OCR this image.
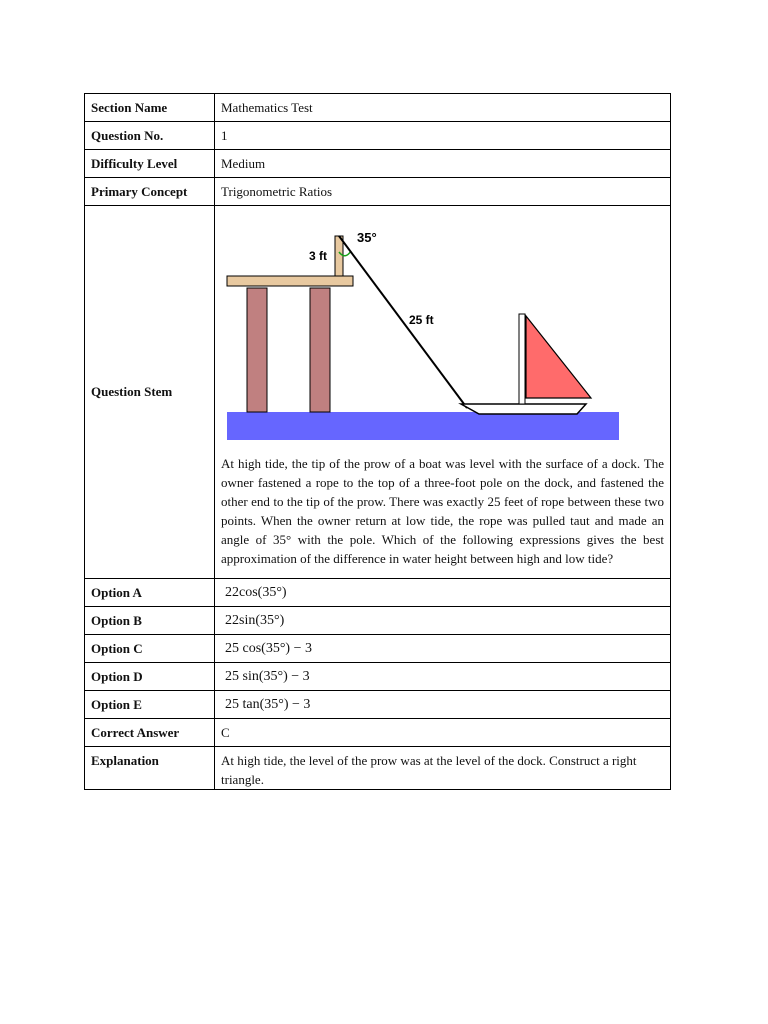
Section Name	Mathematics Test
Question No.	1
Difficulty Level	Medium
Primary Concept	Trigonometric Ratios
Question Stem	3 ft
35°
25 ft
At high tide, the tip of the prow of a boat was level with the surface of a dock. The owner fastened a rope to the top of a three-foot pole on the dock, and fastened the other end to the tip of the prow. There was exactly 25 feet of rope between these two points. When the owner return at low tide, the rope was pulled taut and made an angle of 35° with the pole. Which of the following expressions gives the best approximation of the difference in water height between high and low tide?

Option A	22cos(35°)
Option B	22sin(35°)
Option C	25 cos(35°) − 3
Option D	25 sin(35°) − 3
Option E	25 tan(35°) − 3
Correct Answer	C
Explanation	At high tide, the level of the prow was at the level of the dock. Construct a right triangle.
